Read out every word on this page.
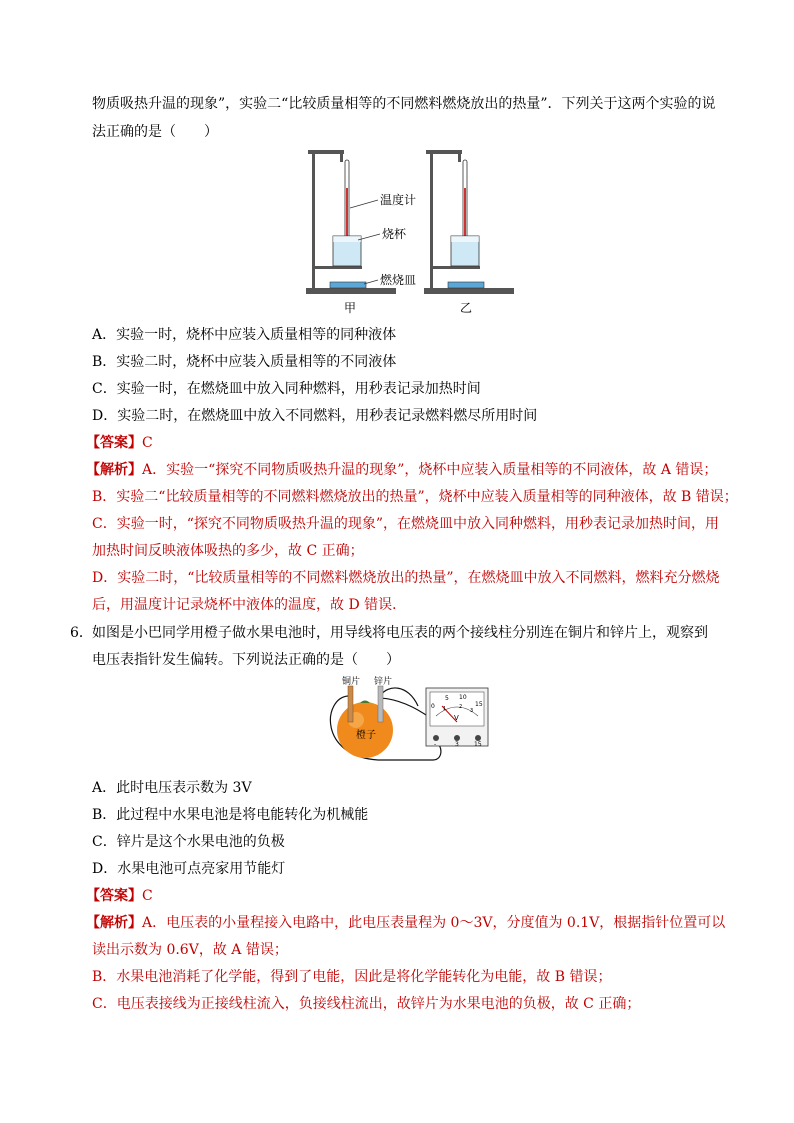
物质吸热升温的现象”，实验二“比较质量相等的不同燃料燃烧放出的热量”．下列关于这两个实验的说
法正确的是（　　）
温度计
烧杯
燃烧皿
甲	乙
A．实验一时，烧杯中应装入质量相等的同种液体
B．实验二时，烧杯中应装入质量相等的不同液体
C．实验一时，在燃烧皿中放入同种燃料，用秒表记录加热时间
D．实验二时，在燃烧皿中放入不同燃料，用秒表记录燃料燃尽所用时间
【答案】C
【解析】A．实验一“探究不同物质吸热升温的现象”，烧杯中应装入质量相等的不同液体，故 A 错误；
B．实验二“比较质量相等的不同燃料燃烧放出的热量”，烧杯中应装入质量相等的同种液体，故 B 错误；
C．实验一时，“探究不同物质吸热升温的现象”，在燃烧皿中放入同种燃料，用秒表记录加热时间，用
加热时间反映液体吸热的多少，故 C 正确；
D．实验二时，“比较质量相等的不同燃料燃烧放出的热量”，在燃烧皿中放入不同燃料，燃料充分燃烧
后，用温度计记录烧杯中液体的温度，故 D 错误．
6． 如图是小巴同学用橙子做水果电池时，用导线将电压表的两个接线柱分别连在铜片和锌片上，观察到
电压表指针发生偏转。下列说法正确的是（　　）
铜片 锌片
橙子
0
5 10
15
1	2
3
V
-	3	15
A．此时电压表示数为 3V
B．此过程中水果电池是将电能转化为机械能
C．锌片是这个水果电池的负极
D．水果电池可点亮家用节能灯
【答案】C
【解析】A．电压表的小量程接入电路中，此电压表量程为 0～3V，分度值为 0.1V，根据指针位置可以
读出示数为 0.6V，故 A 错误；
B．水果电池消耗了化学能，得到了电能，因此是将化学能转化为电能，故 B 错误；
C．电压表接线为正接线柱流入，负接线柱流出，故锌片为水果电池的负极，故 C 正确；
